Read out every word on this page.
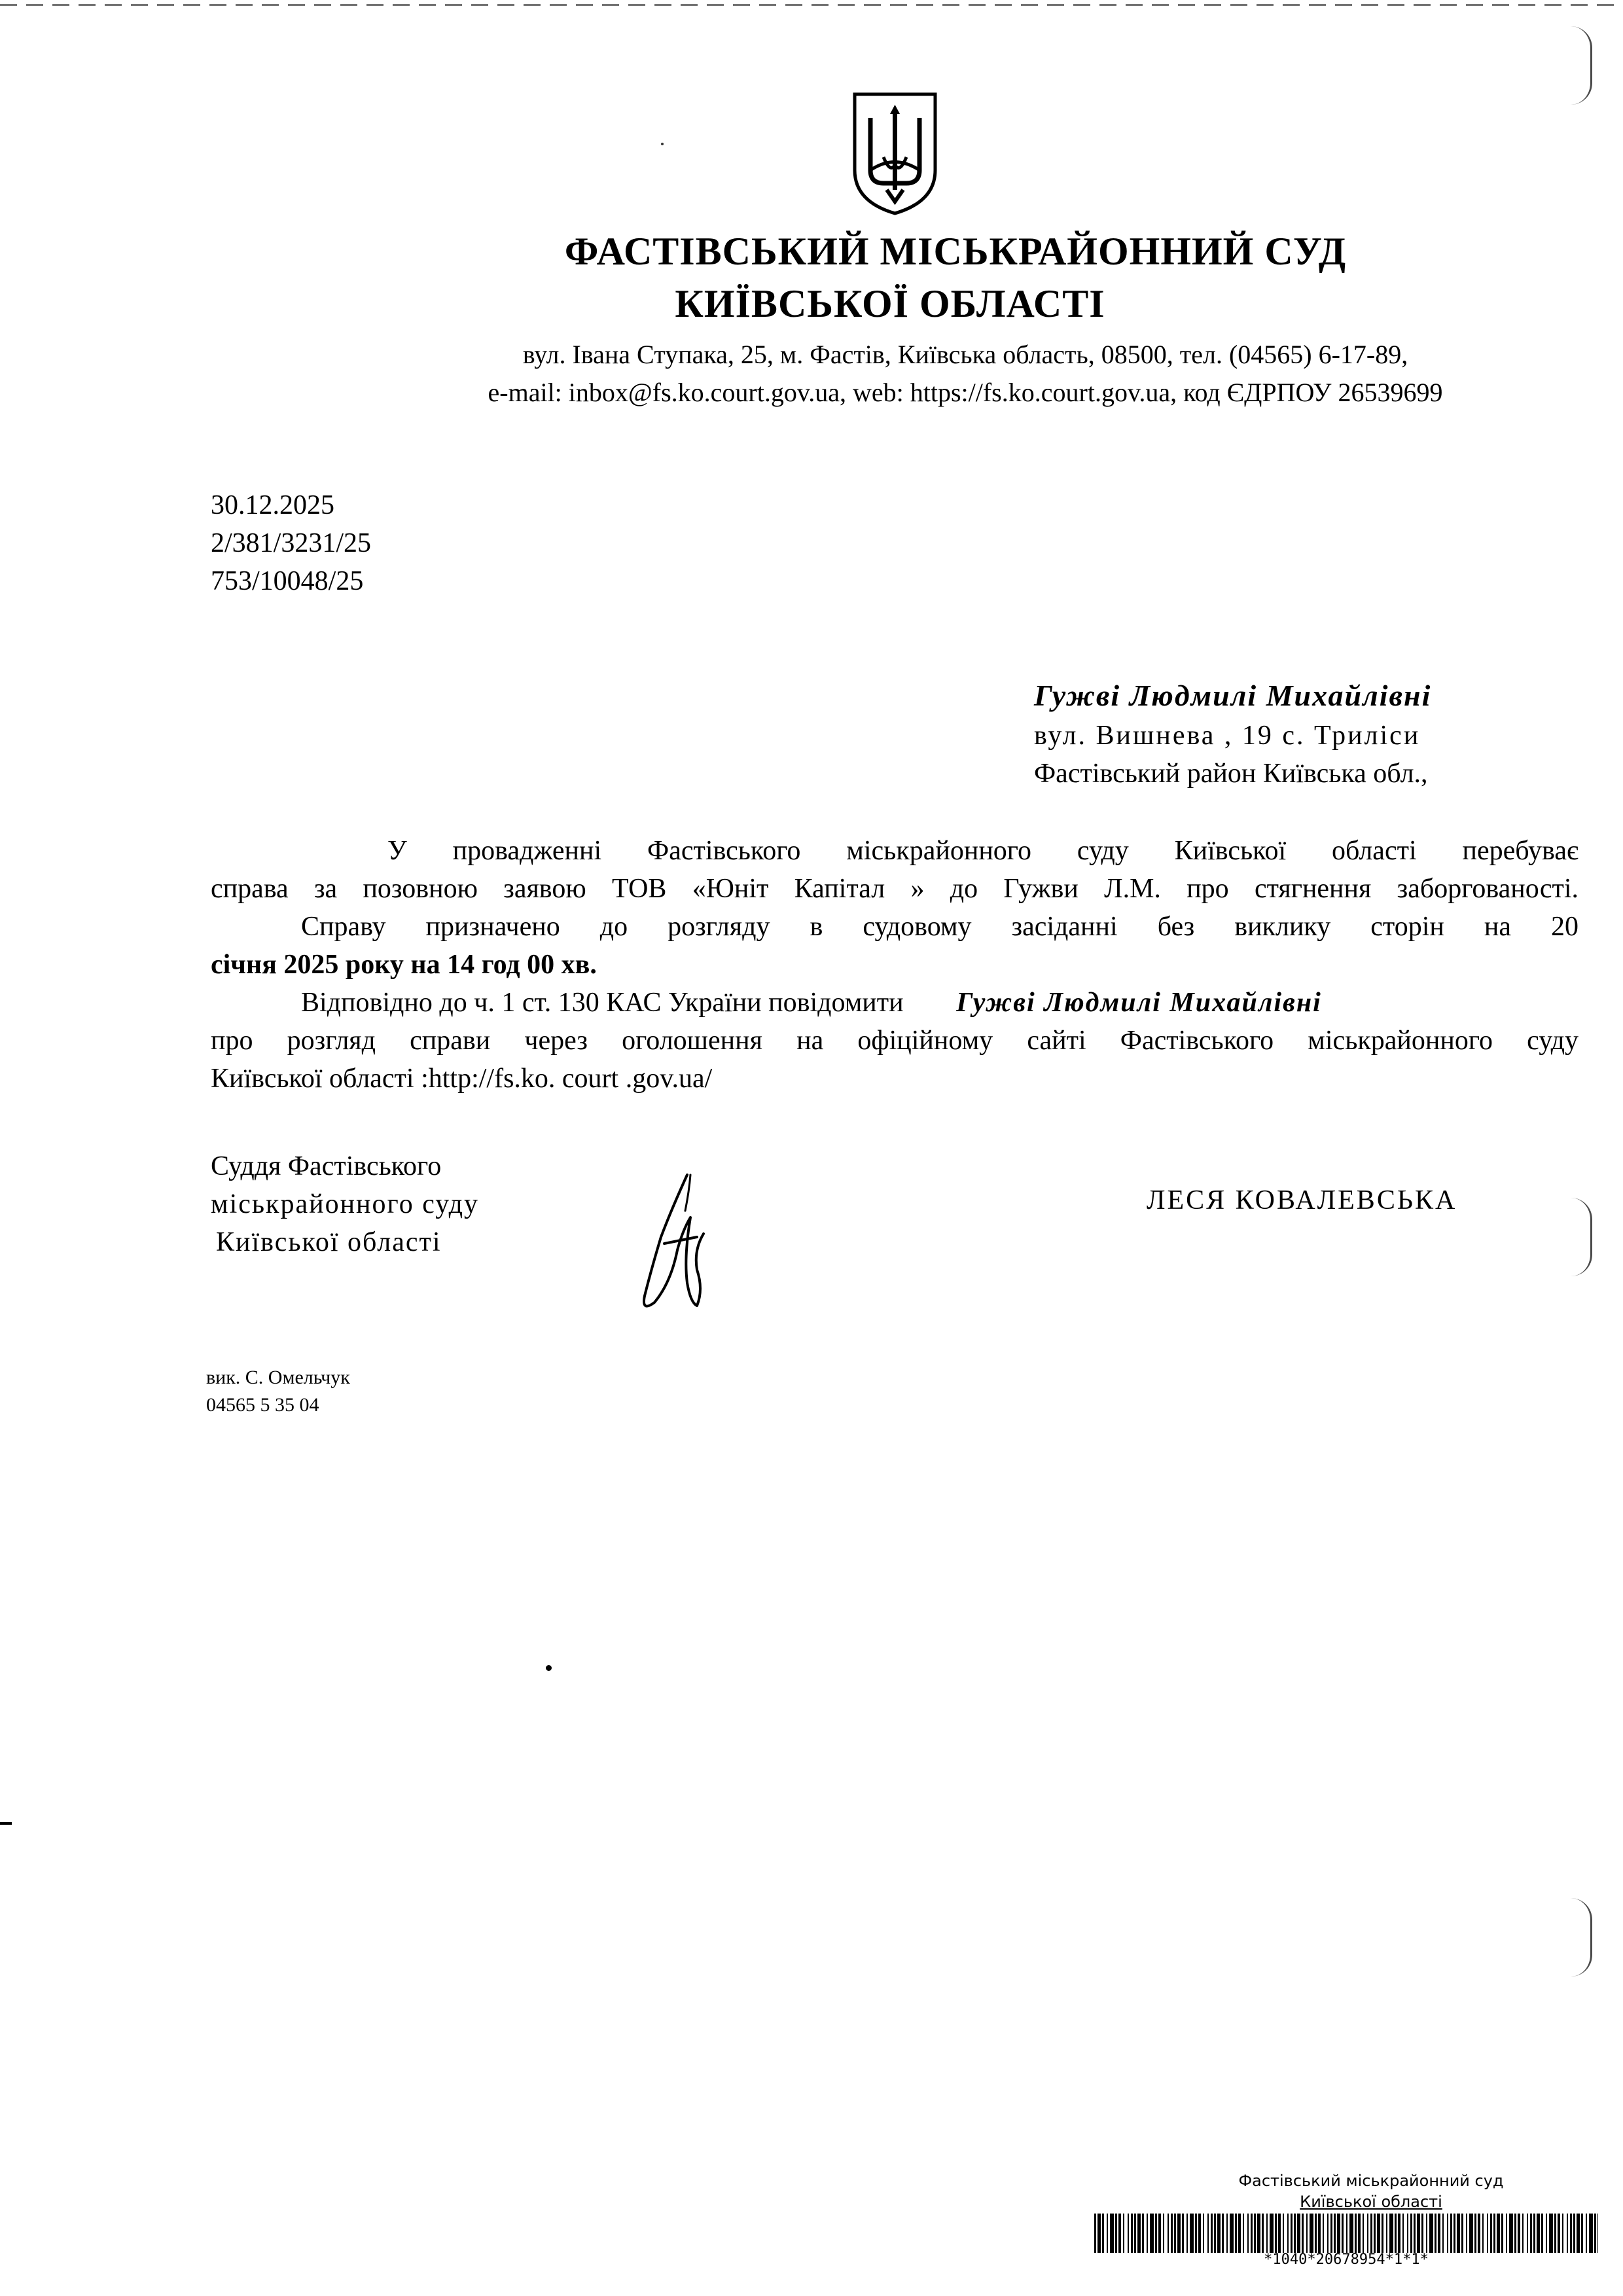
ФАСТІВСЬКИЙ МІСЬКРАЙОННИЙ СУД
КИЇВСЬКОЇ ОБЛАСТІ
вул. Івана Ступака, 25, м. Фастів, Київська область, 08500, тел. (04565) 6-17-89,
e-mail: inbox@fs.ko.court.gov.ua, web: https://fs.ko.court.gov.ua, код ЄДРПОУ 26539699
30.12.2025
2/381/3231/25
753/10048/25
Гужві Людмилі Михайлівні
вул. Вишнева , 19 с. Триліси
Фастівський район Київська обл.,
У провадженні Фастівського міськрайонного суду Київської області перебуває
справа за позовною заявою ТОВ «Юніт Капітал » до Гужви Л.М. про стягнення заборгованості.
Справу призначено до розгляду в судовому засіданні без виклику сторін на 20
січня 2025 року на 14 год 00 хв.
Відповідно до ч. 1 ст. 130 КАС України повідомити Гужві Людмилі Михайлівні
про розгляд справи через оголошення на офіційному сайті Фастівського міськрайонного суду
Київської області :http://fs.ko. court .gov.ua/
Суддя Фастівського
міськрайонного суду
Київської області
ЛЕСЯ КОВАЛЕВСЬКА
вик. С. Омельчук
04565 5 35 04
Фастівський міськрайонний суд
Київської області
*1040*20678954*1*1*
